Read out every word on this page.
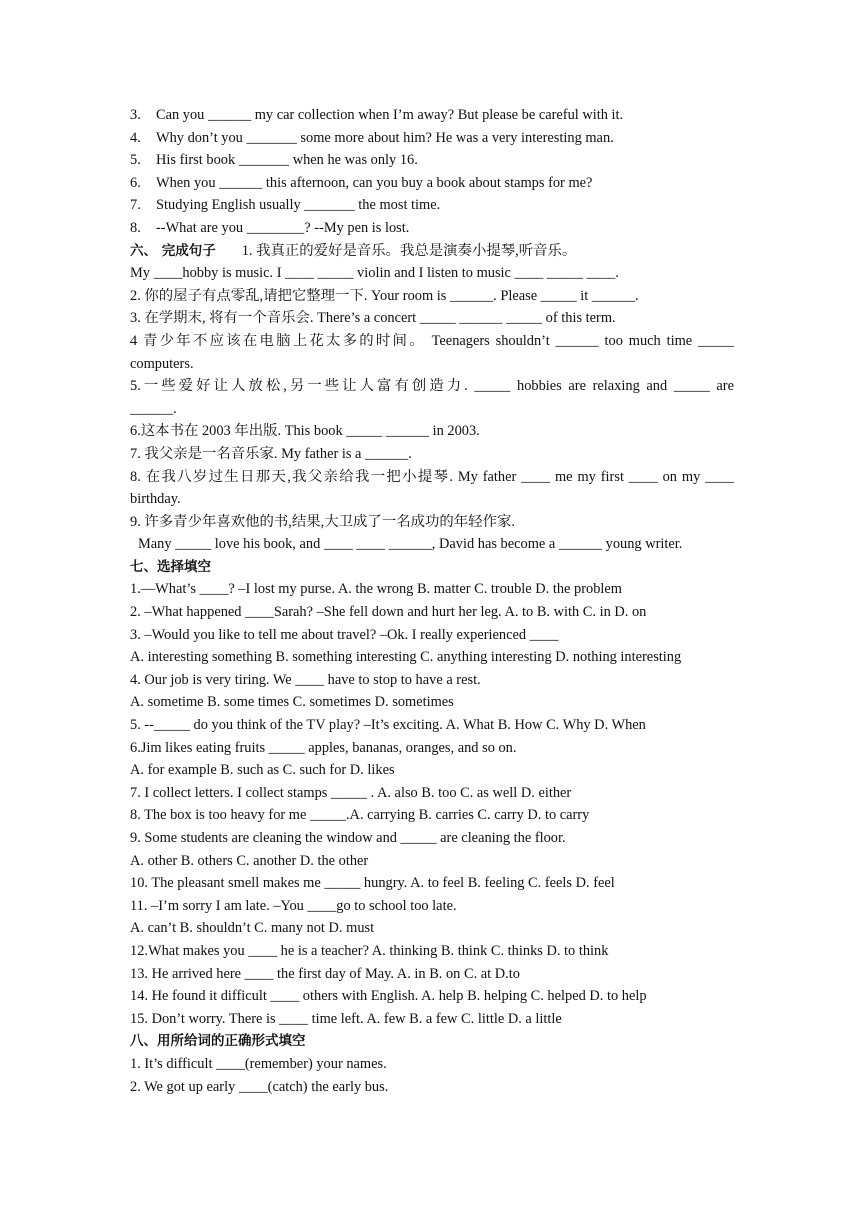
3. Can you ______ my car collection when I’m away? But please be careful with it.
4. Why don’t you _______ some more about him? He was a very interesting man.
5. His first book _______ when he was only 16.
6. When you ______ this afternoon, can you buy a book about stamps for me?
7. Studying English usually _______ the most time.
8. --What are you ________? --My pen is lost.
六、 完成句子 1. 我真正的爱好是音乐。我总是演奏小提琴,听音乐。
My ____hobby is music. I ____ _____ violin and I listen to music ____ _____ ____.
2. 你的屋子有点零乱,请把它整理一下. Your room is ______. Please _____ it ______.
3. 在学期末, 将有一个音乐会. There’s a concert _____ ______ _____ of this term.
4 青少年不应该在电脑上花太多的时间。 Teenagers shouldn’t ______ too much time _____
computers.
5.一些爱好让人放松,另一些让人富有创造力. _____ hobbies are relaxing and _____ are
______.
6.这本书在 2003 年出版. This book _____ ______ in 2003.
7. 我父亲是一名音乐家. My father is a ______.
8. 在我八岁过生日那天,我父亲给我一把小提琴. My father ____ me my first ____ on my ____
birthday.
9. 许多青少年喜欢他的书,结果,大卫成了一名成功的年轻作家.
Many _____ love his book, and ____ ____ ______, David has become a ______ young writer.
七、选择填空
1.—What’s ____? –I lost my purse. A. the wrong B. matter C. trouble D. the problem
2. –What happened ____Sarah? –She fell down and hurt her leg. A. to B. with C. in D. on
3. –Would you like to tell me about travel? –Ok. I really experienced ____
A. interesting something B. something interesting C. anything interesting D. nothing interesting
4. Our job is very tiring. We ____ have to stop to have a rest.
A. sometime B. some times C. sometimes D. sometimes
5. --_____ do you think of the TV play? –It’s exciting. A. What B. How C. Why D. When
6.Jim likes eating fruits _____ apples, bananas, oranges, and so on.
A. for example B. such as C. such for D. likes
7. I collect letters. I collect stamps _____ . A. also B. too C. as well D. either
8. The box is too heavy for me _____.A. carrying B. carries C. carry D. to carry
9. Some students are cleaning the window and _____ are cleaning the floor.
A. other B. others C. another D. the other
10. The pleasant smell makes me _____ hungry. A. to feel B. feeling C. feels D. feel
11. –I’m sorry I am late. –You ____go to school too late.
A. can’t B. shouldn’t C. many not D. must
12.What makes you ____ he is a teacher? A. thinking B. think C. thinks D. to think
13. He arrived here ____ the first day of May. A. in B. on C. at D.to
14. He found it difficult ____ others with English. A. help B. helping C. helped D. to help
15. Don’t worry. There is ____ time left. A. few B. a few C. little D. a little
八、用所给词的正确形式填空
1. It’s difficult ____(remember) your names.
2. We got up early ____(catch) the early bus.
